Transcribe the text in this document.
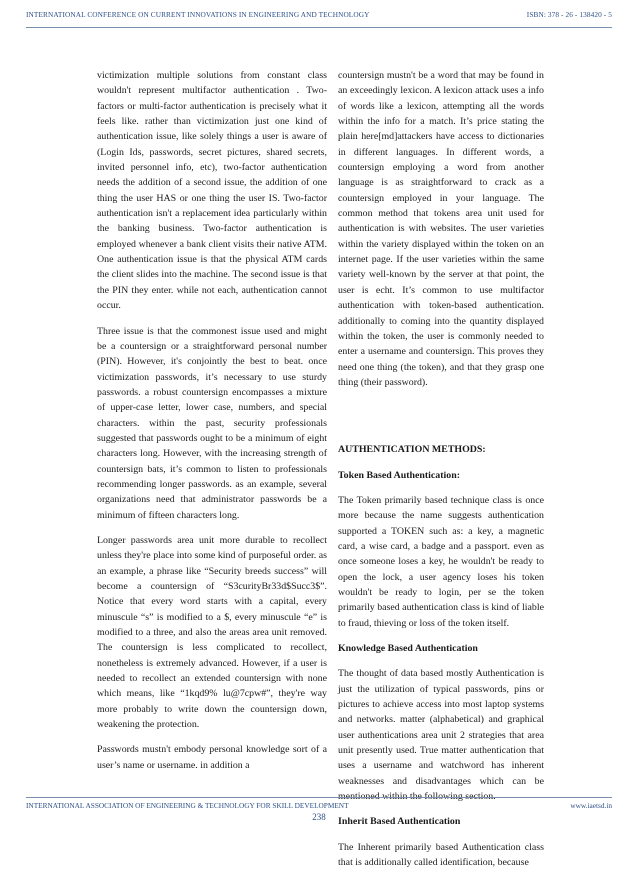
INTERNATIONAL CONFERENCE ON CURRENT INNOVATIONS IN ENGINEERING AND TECHNOLOGY	ISBN: 378 - 26 - 138420 - 5

victimization multiple solutions from constant class wouldn't represent multifactor authentication . Two-factors or multi-factor authentication is precisely what it feels like. rather than victimization just one kind of authentication issue, like solely things a user is aware of (Login Ids, passwords, secret pictures, shared secrets, invited personnel info, etc), two-factor authentication needs the addition of a second issue, the addition of one thing the user HAS or one thing the user IS. Two-factor authentication isn't a replacement idea particularly within the banking business. Two-factor authentication is employed whenever a bank client visits their native ATM. One authentication issue is that the physical ATM cards the client slides into the machine. The second issue is that the PIN they enter. while not each, authentication cannot occur.

Three issue is that the commonest issue used and might be a countersign or a straightforward personal number (PIN). However, it's conjointly the best to beat. once victimization passwords, it’s necessary to use sturdy passwords. a robust countersign encompasses a mixture of upper-case letter, lower case, numbers, and special characters. within the past, security professionals suggested that passwords ought to be a minimum of eight characters long. However, with the increasing strength of countersign bats, it’s common to listen to professionals recommending longer passwords. as an example, several organizations need that administrator passwords be a minimum of fifteen characters long.

Longer passwords area unit more durable to recollect unless they're place into some kind of purposeful order. as an example, a phrase like “Security breeds success” will become a countersign of “S3curityBr33d$Succ3$”. Notice that every word starts with a capital, every minuscule “s” is modified to a $, every minuscule “e” is modified to a three, and also the areas area unit removed. The countersign is less complicated to recollect, nonetheless is extremely advanced. However, if a user is needed to recollect an extended countersign with none which means, like “1kqd9% lu@7cpw#”, they're way more probably to write down the countersign down, weakening the protection.

Passwords mustn't embody personal knowledge sort of a user’s name or username. in addition a

countersign mustn't be a word that may be found in an exceedingly lexicon. A lexicon attack uses a info of words like a lexicon, attempting all the words within the info for a match. It’s price stating the plain here[md]attackers have access to dictionaries in different languages. In different words, a countersign employing a word from another language is as straightforward to crack as a countersign employed in your language. The common method that tokens area unit used for authentication is with websites. The user varieties within the variety displayed within the token on an internet page. If the user varieties within the same variety well-known by the server at that point, the user is echt. It’s common to use multifactor authentication with token-based authentication. additionally to coming into the quantity displayed within the token, the user is commonly needed to enter a username and countersign. This proves they need one thing (the token), and that they grasp one thing (their password).

AUTHENTICATION METHODS:

Token Based Authentication:

The Token primarily based technique class is once more because the name suggests authentication supported a TOKEN such as: a key, a magnetic card, a wise card, a badge and a passport. even as once someone loses a key, he wouldn't be ready to open the lock, a user agency loses his token wouldn't be ready to login, per se the token primarily based authentication class is kind of liable to fraud, thieving or loss of the token itself.

Knowledge Based Authentication

The thought of data based mostly Authentication is just the utilization of typical passwords, pins or pictures to achieve access into most laptop systems and networks. matter (alphabetical) and graphical user authentications area unit 2 strategies that area unit presently used. True matter authentication that uses a username and watchword has inherent weaknesses and disadvantages which can be

Inherit Based Authentication

The Inherent primarily based Authentication class that is additionally called identification, because

INTERNATIONAL ASSOCIATION OF ENGINEERING & TECHNOLOGY FOR SKILL DEVELOPMENT	www.iaetsd.in
238
